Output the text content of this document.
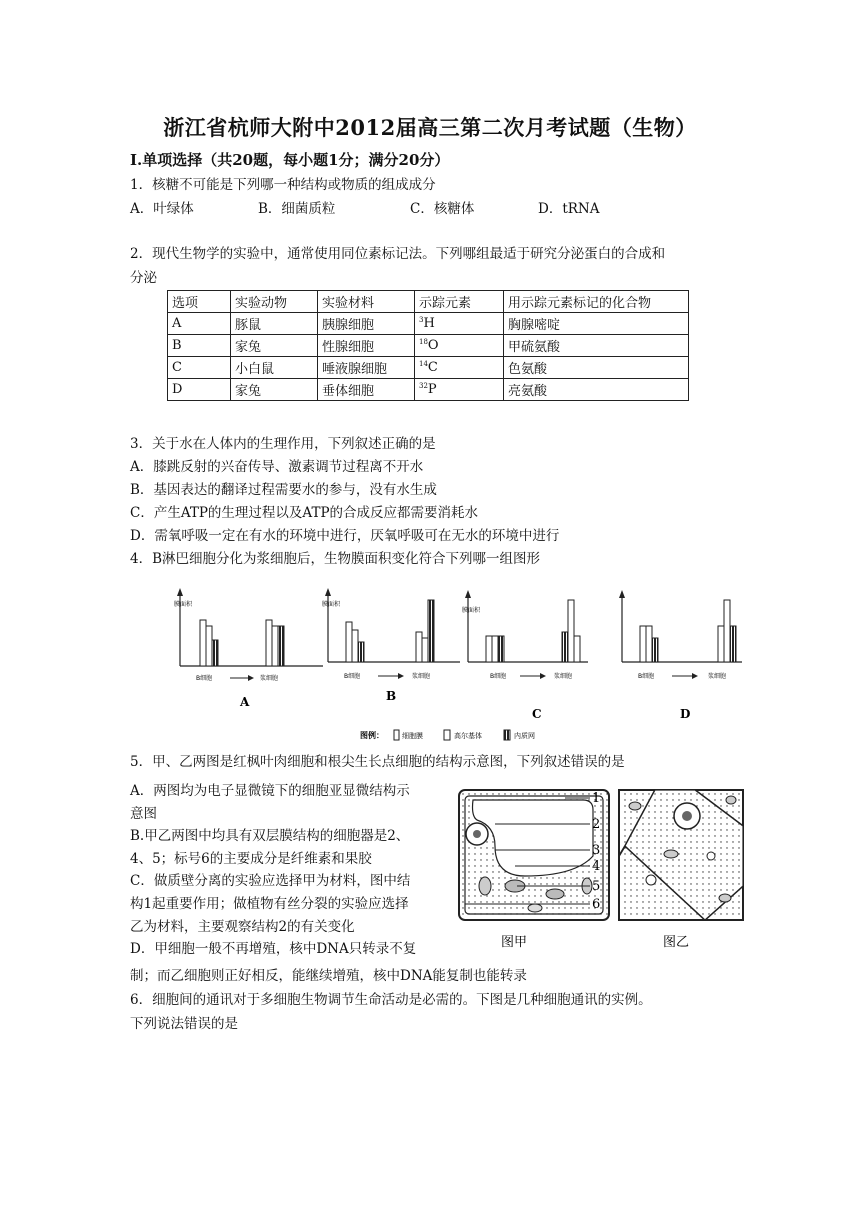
浙江省杭师大附中2012届高三第二次月考试题（生物）
I.单项选择（共20题，每小题1分；满分20分）
1．核糖不可能是下列哪一种结构或物质的组成成分
A．叶绿体	B．细菌质粒	C．核糖体	D．tRNA
2．现代生物学的实验中，通常使用同位素标记法。下列哪组最适于研究分泌蛋白的合成和
分泌
选项	实验动物	实验材料	示踪元素	用示踪元素标记的化合物
A	豚鼠	胰腺细胞	$^3$H	胸腺嘧啶
B	家兔	性腺细胞	$^{18}$O	甲硫氨酸
C	小白鼠	唾液腺细胞	$^{14}$C	色氨酸
D	家兔	垂体细胞	$^{32}$P	亮氨酸
3．关于水在人体内的生理作用，下列叙述正确的是
A．膝跳反射的兴奋传导、激素调节过程离不开水
B．基因表达的翻译过程需要水的参与，没有水生成
C．产生ATP的生理过程以及ATP的合成反应都需要消耗水
D．需氧呼吸一定在有水的环境中进行，厌氧呼吸可在无水的环境中进行
4．B淋巴细胞分化为浆细胞后，生物膜面积变化符合下列哪一组图形
膜面积
B细胞	浆细胞
A
膜面积
B细胞	浆细胞
B
膜面积
B细胞	浆细胞
C
B细胞	浆细胞
D
图例：	细胞膜	高尔基体	内质网
5．甲、乙两图是红枫叶肉细胞和根尖生长点细胞的结构示意图，下列叙述错误的是
A．两图均为电子显微镜下的细胞亚显微结构示
意图
B.甲乙两图中均具有双层膜结构的细胞器是2、
4、5；标号6的主要成分是纤维素和果胶
C．做质壁分离的实验应选择甲为材料，图中结
构1起重要作用；做植物有丝分裂的实验应选择
乙为材料，主要观察结构2的有关变化
D．甲细胞一般不再增殖，核中DNA只转录不复
1
2
3
4
5
6
图甲	图乙
制；而乙细胞则正好相反，能继续增殖，核中DNA能复制也能转录
6．细胞间的通讯对于多细胞生物调节生命活动是必需的。下图是几种细胞通讯的实例。
下列说法错误的是
